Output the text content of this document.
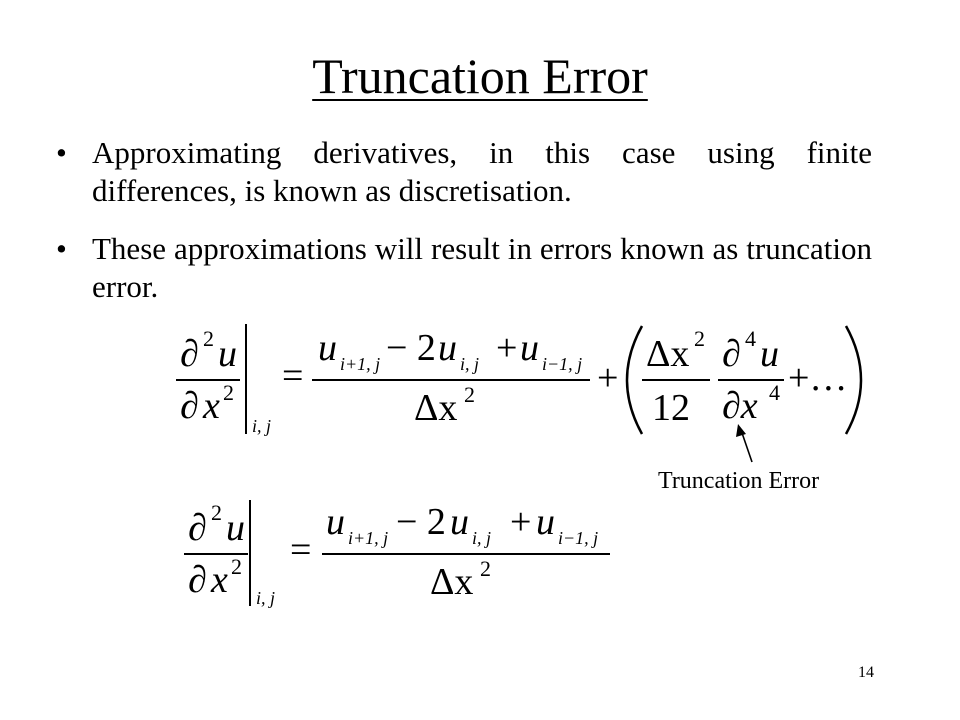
Truncation Error
• Approximating derivatives, in this case using finite differences, is known as discretisation.
• These approximations will result in errors known as truncation error.
∂ 2 u
∂ x 2
i, j
=
u i+1, j − 2 u i, j + u i−1, j
Δx 2	+
Δx 2
12
∂ 4 u
∂x 4 +…
Truncation Error
∂ 2 u
∂ x 2
i, j
=
u i+1, j − 2 u i, j + u i−1, j
Δx 2
14
